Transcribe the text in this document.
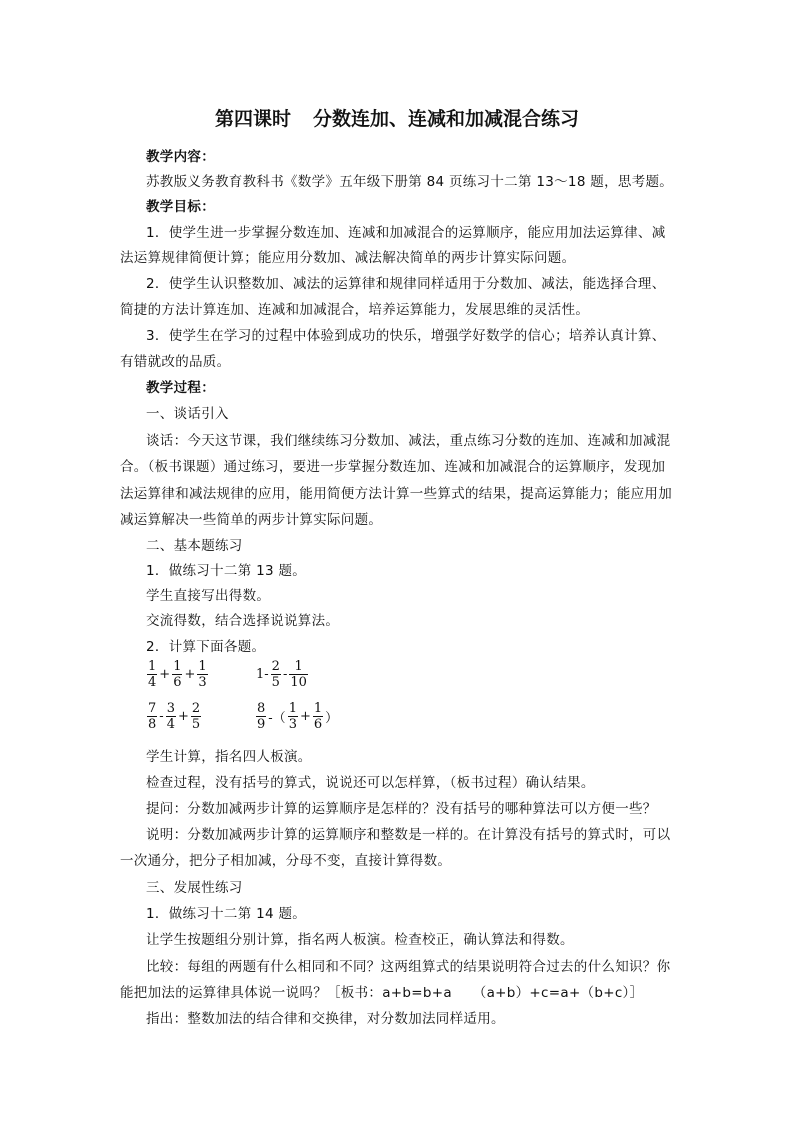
第四课时 分数连加、连减和加减混合练习
教学内容：
苏教版义务教育教科书《数学》五年级下册第 84 页练习十二第 13～18 题，思考题。
教学目标：
1．使学生进一步掌握分数连加、连减和加减混合的运算顺序，能应用加法运算律、减
法运算规律简便计算；能应用分数加、减法解决简单的两步计算实际问题。
2．使学生认识整数加、减法的运算律和规律同样适用于分数加、减法，能选择合理、
简捷的方法计算连加、连减和加减混合，培养运算能力，发展思维的灵活性。
3．使学生在学习的过程中体验到成功的快乐，增强学好数学的信心；培养认真计算、
有错就改的品质。
教学过程：
一、谈话引入
谈话：今天这节课，我们继续练习分数加、减法，重点练习分数的连加、连减和加减混
合。（板书课题）通过练习，要进一步掌握分数连加、连减和加减混合的运算顺序，发现加
法运算律和减法规律的应用，能用简便方法计算一些算式的结果，提高运算能力；能应用加
减运算解决一些简单的两步计算实际问题。
二、基本题练习
1．做练习十二第 13 题。
学生直接写出得数。
交流得数，结合选择说说算法。
2．计算下面各题。
$\frac{1}{4} + \frac{1}{6} + \frac{1}{3}$	$1- \frac{2}{5} - \frac{1}{10}$
$\frac{7}{8} - \frac{3}{4} + \frac{2}{5}$	$\frac{8}{9}$ -（ $\frac{1}{3} + \frac{1}{6}$ ）
学生计算，指名四人板演。
检查过程，没有括号的算式，说说还可以怎样算，（板书过程）确认结果。
提问：分数加减两步计算的运算顺序是怎样的？没有括号的哪种算法可以方便一些？
说明：分数加减两步计算的运算顺序和整数是一样的。在计算没有括号的算式时，可以
一次通分，把分子相加减，分母不变，直接计算得数。
三、发展性练习
1．做练习十二第 14 题。
让学生按题组分别计算，指名两人板演。检查校正，确认算法和得数。
比较：每组的两题有什么相同和不同？这两组算式的结果说明符合过去的什么知识？你
能把加法的运算律具体说一说吗？［板书：a+b=b+a　　（a+b）+c=a+（b+c）］
指出：整数加法的结合律和交换律，对分数加法同样适用。
